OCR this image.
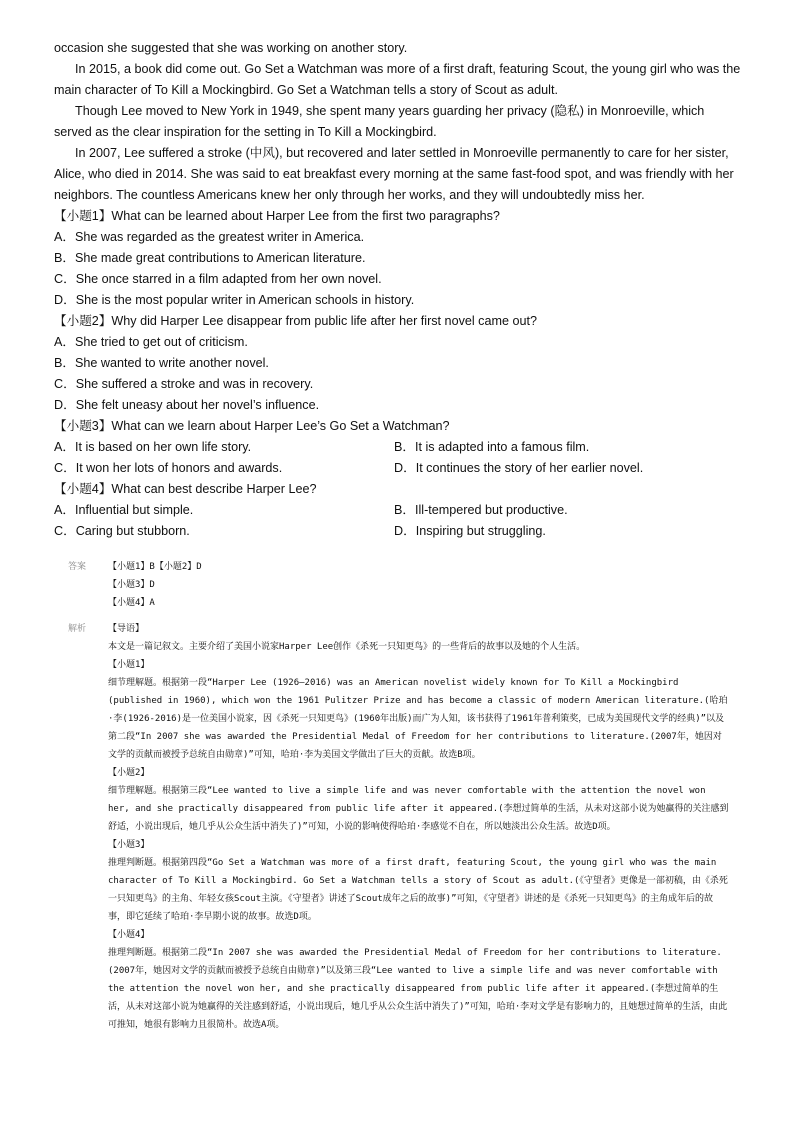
occasion she suggested that she was working on another story.

In 2015, a book did come out. Go Set a Watchman was more of a first draft, featuring Scout, the young girl who was the main character of To Kill a Mockingbird. Go Set a Watchman tells a story of Scout as adult.

Though Lee moved to New York in 1949, she spent many years guarding her privacy (隐私) in Monroeville, which served as the clear inspiration for the setting in To Kill a Mockingbird.

In 2007, Lee suffered a stroke (中风), but recovered and later settled in Monroeville permanently to care for her sister, Alice, who died in 2014. She was said to eat breakfast every morning at the same fast-food spot, and was friendly with her neighbors. The countless Americans knew her only through her works, and they will undoubtedly miss her.

【小题1】What can be learned about Harper Lee from the first two paragraphs?

A．She was regarded as the greatest writer in America.

B．She made great contributions to American literature.

C．She once starred in a film adapted from her own novel.

D．She is the most popular writer in American schools in history.

【小题2】Why did Harper Lee disappear from public life after her first novel came out?

A．She tried to get out of criticism.

B．She wanted to write another novel.

C．She suffered a stroke and was in recovery.

D．She felt uneasy about her novel’s influence.

【小题3】What can we learn about Harper Lee’s Go Set a Watchman?

A．It is based on her own life story.	B．It is adapted into a famous film.
C．It won her lots of honors and awards.	D．It continues the story of her earlier novel.

【小题4】What can best describe Harper Lee?

A．Influential but simple.	B．Ill-tempered but productive.
C．Caring but stubborn.	D．Inspiring but struggling.
答案 【小题1】B【小题2】D
【小题3】D
【小题4】A
解析 【导语】

本文是一篇记叙文。主要介绍了美国小说家Harper Lee创作《杀死一只知更鸟》的一些背后的故事以及她的个人生活。

【小题1】

细节理解题。根据第一段“Harper Lee (1926—2016) was an American novelist widely known for To Kill a Mockingbird (published in 1960), which won the 1961 Pulitzer Prize and has become a classic of modern American literature.(哈珀·李(1926-2016)是一位美国小说家，因《杀死一只知更鸟》(1960年出版)而广为人知，该书获得了1961年普利策奖，已成为美国现代文学的经典)”以及第二段“In 2007 she was awarded the Presidential Medal of Freedom for her contributions to literature.(2007年，她因对文学的贡献而被授予总统自由勋章)”可知，哈珀·李为美国文学做出了巨大的贡献。故选B项。

【小题2】

细节理解题。根据第三段“Lee wanted to live a simple life and was never comfortable with the attention the novel won her, and she practically disappeared from public life after it appeared.(李想过简单的生活，从未对这部小说为她赢得的关注感到舒适，小说出现后，她几乎从公众生活中消失了)”可知，小说的影响使得哈珀·李感觉不自在，所以她淡出公众生活。故选D项。

【小题3】

推理判断题。根据第四段“Go Set a Watchman was more of a first draft, featuring Scout, the young girl who was the main character of To Kill a Mockingbird. Go Set a Watchman tells a story of Scout as adult.(《守望者》更像是一部初稿，由《杀死一只知更鸟》的主角、年轻女孩Scout主演。《守望者》讲述了Scout成年之后的故事)”可知，《守望者》讲述的是《杀死一只知更鸟》的主角成年后的故事，即它延续了哈珀·李早期小说的故事。故选D项。

【小题4】

推理判断题。根据第二段“In 2007 she was awarded the Presidential Medal of Freedom for her contributions to literature.(2007年，她因对文学的贡献而被授予总统自由勋章)”以及第三段“Lee wanted to live a simple life and was never comfortable with the attention the novel won her, and she practically disappeared from public life after it appeared.(李想过简单的生活，从未对这部小说为她赢得的关注感到舒适，小说出现后，她几乎从公众生活中消失了)”可知，哈珀·李对文学是有影响力的，且她想过简单的生活，由此可推知，她很有影响力且很简朴。故选A项。
